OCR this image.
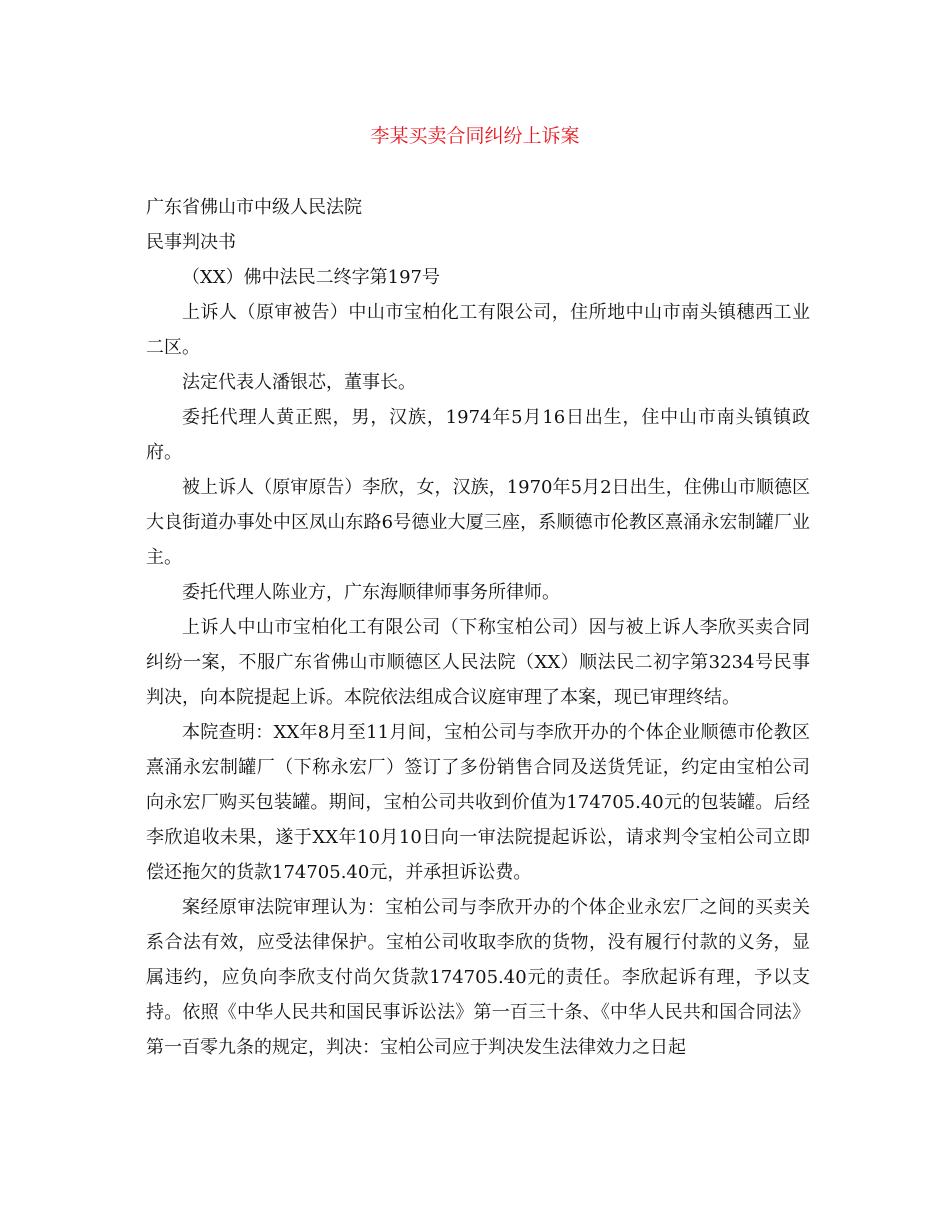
李某买卖合同纠纷上诉案

广东省佛山市中级人民法院

民事判决书

（XX）佛中法民二终字第197号

上诉人（原审被告）中山市宝柏化工有限公司，住所地中山市南头镇穗西工业二区。

法定代表人潘银芯，董事长。

委托代理人黄正熙，男，汉族，1974年5月16日出生，住中山市南头镇镇政府。

被上诉人（原审原告）李欣，女，汉族，1970年5月2日出生，住佛山市顺德区大良街道办事处中区凤山东路6号德业大厦三座，系顺德市伦教区熹涌永宏制罐厂业主。

委托代理人陈业方，广东海顺律师事务所律师。

上诉人中山市宝柏化工有限公司（下称宝柏公司）因与被上诉人李欣买卖合同纠纷一案，不服广东省佛山市顺德区人民法院（XX）顺法民二初字第3234号民事判决，向本院提起上诉。本院依法组成合议庭审理了本案，现已审理终结。

本院查明：XX年8月至11月间，宝柏公司与李欣开办的个体企业顺德市伦教区熹涌永宏制罐厂（下称永宏厂）签订了多份销售合同及送货凭证，约定由宝柏公司向永宏厂购买包装罐。期间，宝柏公司共收到价值为174705.40元的包装罐。后经李欣追收未果，遂于XX年10月10日向一审法院提起诉讼，请求判令宝柏公司立即偿还拖欠的货款174705.40元，并承担诉讼费。

案经原审法院审理认为：宝柏公司与李欣开办的个体企业永宏厂之间的买卖关系合法有效，应受法律保护。宝柏公司收取李欣的货物，没有履行付款的义务，显属违约，应负向李欣支付尚欠货款174705.40元的责任。李欣起诉有理，予以支持。依照《中华人民共和国民事诉讼法》第一百三十条、《中华人民共和国合同法》第一百零九条的规定，判决：宝柏公司应于判决发生法律效力之日起
